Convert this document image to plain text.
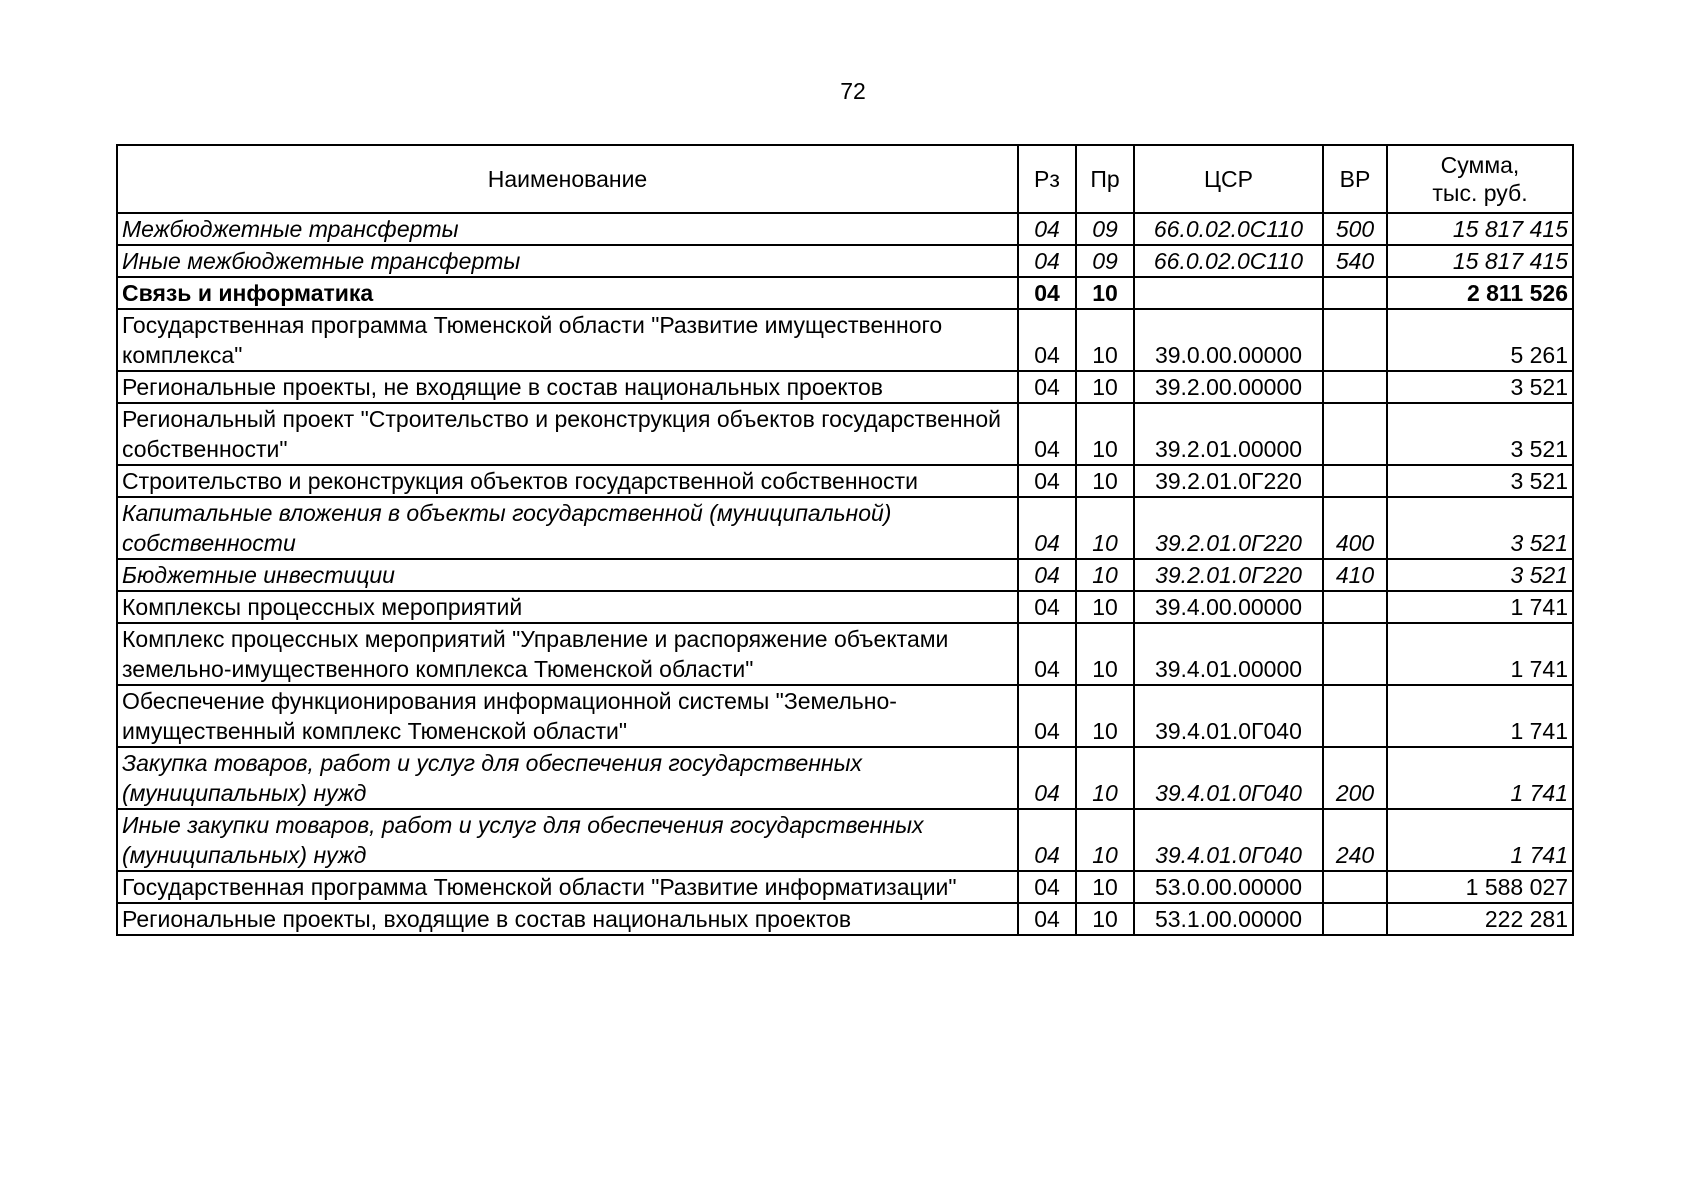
72
Наименование	Рз	Пр	ЦСР	ВР	Сумма,
тыс. руб.

Межбюджетные трансферты	04	09	66.0.02.0С110	500	15 817 415
Иные межбюджетные трансферты	04	09	66.0.02.0С110	540	15 817 415
Связь и информатика	04	10			2 811 526
Государственная программа Тюменской области "Развитие имущественного комплекса"	04	10	39.0.00.00000		5 261
Региональные проекты, не входящие в состав национальных проектов	04	10	39.2.00.00000		3 521
Региональный проект "Строительство и реконструкция объектов государственной собственности"	04	10	39.2.01.00000		3 521
Строительство и реконструкция объектов государственной собственности	04	10	39.2.01.0Г220		3 521
Капитальные вложения в объекты государственной (муниципальной) собственности	04	10	39.2.01.0Г220	400	3 521
Бюджетные инвестиции	04	10	39.2.01.0Г220	410	3 521
Комплексы процессных мероприятий	04	10	39.4.00.00000		1 741
Комплекс процессных мероприятий "Управление и распоряжение объектами земельно-имущественного комплекса Тюменской области"	04	10	39.4.01.00000		1 741
Обеспечение функционирования информационной системы "Земельно-имущественный комплекс Тюменской области"	04	10	39.4.01.0Г040		1 741
Закупка товаров, работ и услуг для обеспечения государственных (муниципальных) нужд	04	10	39.4.01.0Г040	200	1 741
Иные закупки товаров, работ и услуг для обеспечения государственных (муниципальных) нужд	04	10	39.4.01.0Г040	240	1 741
Государственная программа Тюменской области "Развитие информатизации"	04	10	53.0.00.00000		1 588 027
Региональные проекты, входящие в состав национальных проектов	04	10	53.1.00.00000		222 281
